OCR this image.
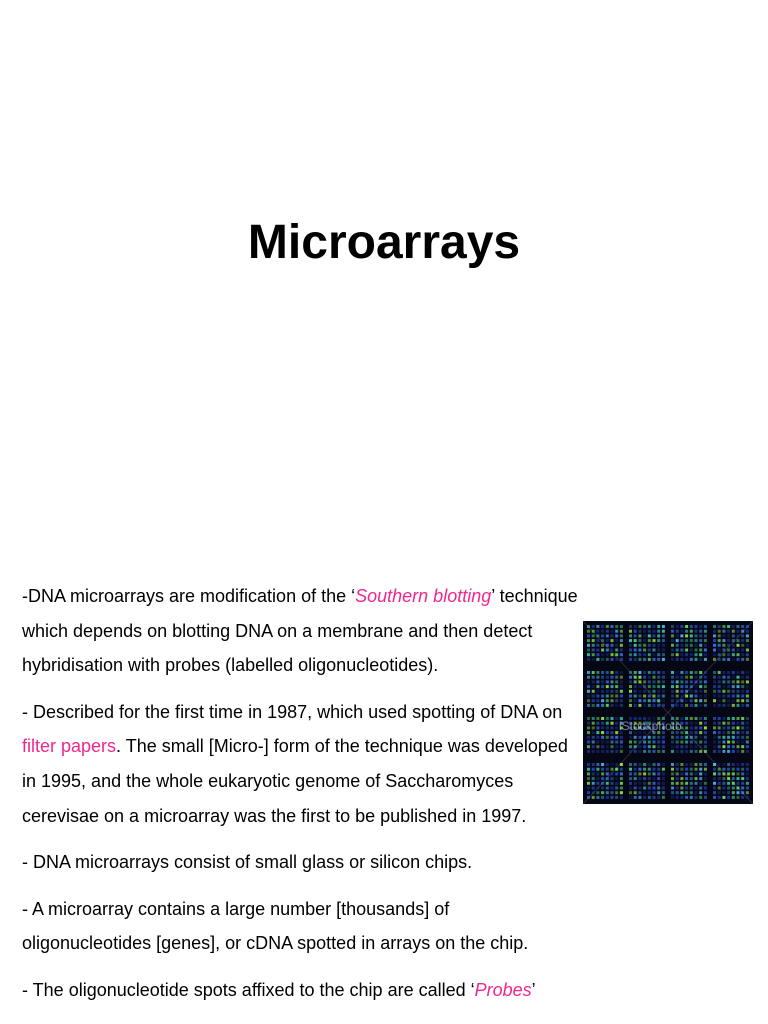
Microarrays

-DNA microarrays are modification of the ‘Southern blotting’ technique which depends on blotting DNA on a membrane and then detect hybridisation with probes (labelled oligonucleotides).

- Described for the first time in 1987, which used spotting of DNA on filter papers. The small [Micro-] form of the technique was developed in 1995, and the whole eukaryotic genome of Saccharomyces cerevisae on a microarray was the first to be published in 1997.

- DNA microarrays consist of small glass or silicon chips.

- A microarray contains a large number [thousands] of oligonucleotides [genes], or cDNA spotted in arrays on the chip.

- The oligonucleotide spots affixed to the chip are called ‘Probes’

iStockphoto
